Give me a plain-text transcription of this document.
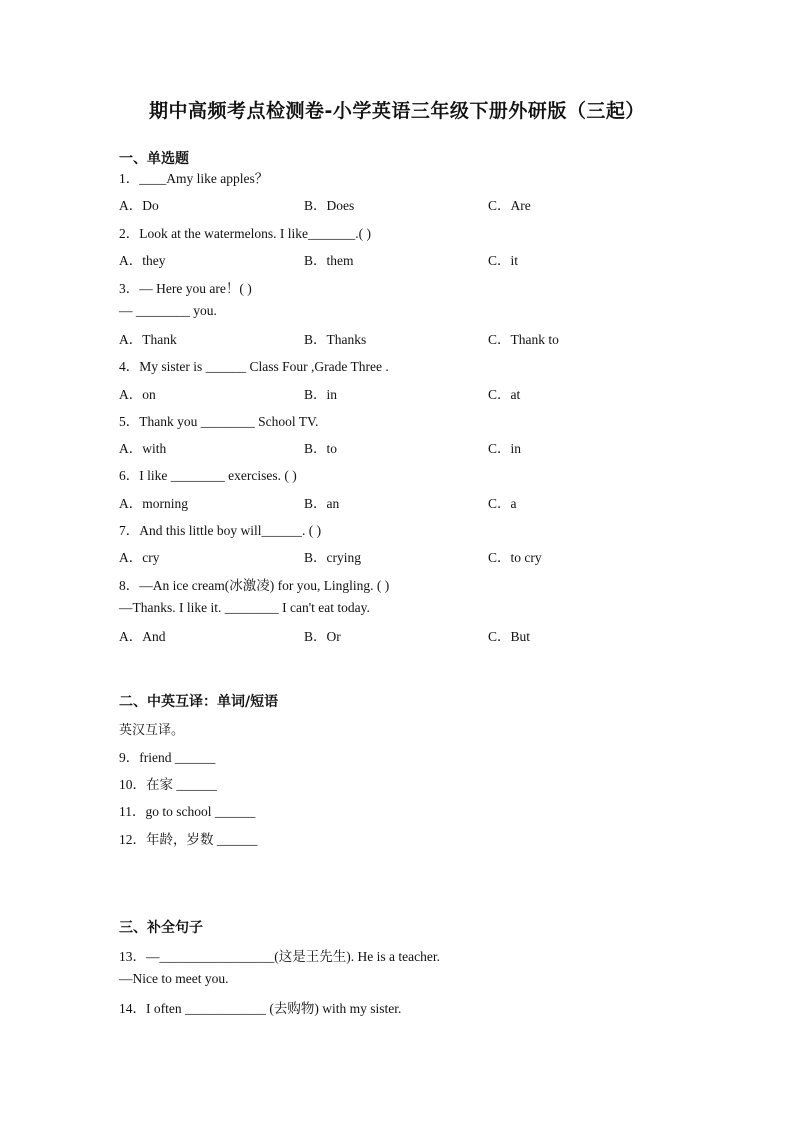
期中高频考点检测卷-小学英语三年级下册外研版（三起）
一、单选题
1．____Amy like apples？
A．Do	B．Does	C．Are
2．Look at the watermelons. I like_______.( )
A．they	B．them	C．it
3．— Here you are！( )
— ________ you.
A．Thank	B．Thanks	C．Thank to
4．My sister is ______ Class Four ,Grade Three .
A．on	B．in	C．at
5．Thank you ________ School TV.
A．with	B．to	C．in
6．I like ________ exercises. ( )
A．morning	B．an	C．a
7．And this little boy will______. ( )
A．cry	B．crying	C．to cry
8．—An ice cream(冰激凌) for you, Lingling. ( )
—Thanks. I like it. ________ I can't eat today.
A．And	B．Or	C．But
二、中英互译：单词/短语
英汉互译。
9．friend ______
10．在家 ______
11．go to school ______
12．年龄，岁数 ______
三、补全句子
13．—_________________(这是王先生). He is a teacher.
—Nice to meet you.
14．I often ____________ (去购物) with my sister.
